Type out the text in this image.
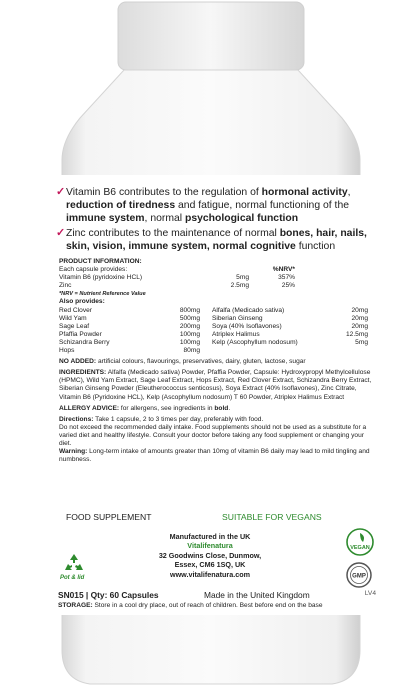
✓ Vitamin B6 contributes to the regulation of hormonal activity, reduction of tiredness and fatigue, normal functioning of the immune system, normal psychological function
✓ Zinc contributes to the maintenance of normal bones, hair, nails, skin, vision, immune system, normal cognitive function
PRODUCT INFORMATION:
Each capsule provides:	%NRV*
Vitamin B6 (pyridoxine HCL)	5mg	357%
Zinc	2.5mg	25%
*NRV = Nutrient Reference Value
Also provides:
Red Clover	800mg	Alfalfa (Medicado sativa)	20mg
Wild Yam	500mg	Siberian Ginseng	20mg
Sage Leaf	200mg	Soya (40% Isoflavones)	20mg
Pfaffia Powder	100mg	Atriplex Halimus	12.5mg
Schizandra Berry	100mg	Kelp (Ascophyllum nodosum)	5mg
Hops	80mg
NO ADDED: artificial colours, flavourings, preservatives, dairy, gluten, lactose, sugar
INGREDIENTS: Alfalfa (Medicado sativa) Powder, Pfaffia Powder, Capsule: Hydroxypropyl Methylcellulose (HPMC), Wild Yam Extract, Sage Leaf Extract, Hops Extract, Red Clover Extract, Schizandra Berry Extract, Siberian Ginseng Powder (Eleutherococcus senticosus), Soya Extract (40% Isoflavones), Zinc Citrate, Vitamin B6 (Pyridoxine HCL), Kelp (Ascophyllum nodosum) T 60 Powder, Atriplex Halimus Extract
ALLERGY ADVICE: for allergens, see ingredients in bold.
Directions: Take 1 capsule, 2 to 3 times per day, preferably with food.
Do not exceed the recommended daily intake. Food supplements should not be used as a substitute for a varied diet and healthy lifestyle. Consult your doctor before taking any food supplement or changing your diet.
Warning: Long-term intake of amounts greater than 10mg of vitamin B6 daily may lead to mild tingling and numbness.
FOOD SUPPLEMENT	SUITABLE FOR VEGANS
VEGAN
GMP
Pot & lid
Manufactured in the UK
Vitalifenatura
32 Goodwins Close, Dunmow,
Essex, CM6 1SQ, UK
www.vitalifenatura.com
SN015 | Qty: 60 Capsules	Made in the United Kingdom	LV4
STORAGE: Store in a cool dry place, out of reach of children. Best before end on the base
